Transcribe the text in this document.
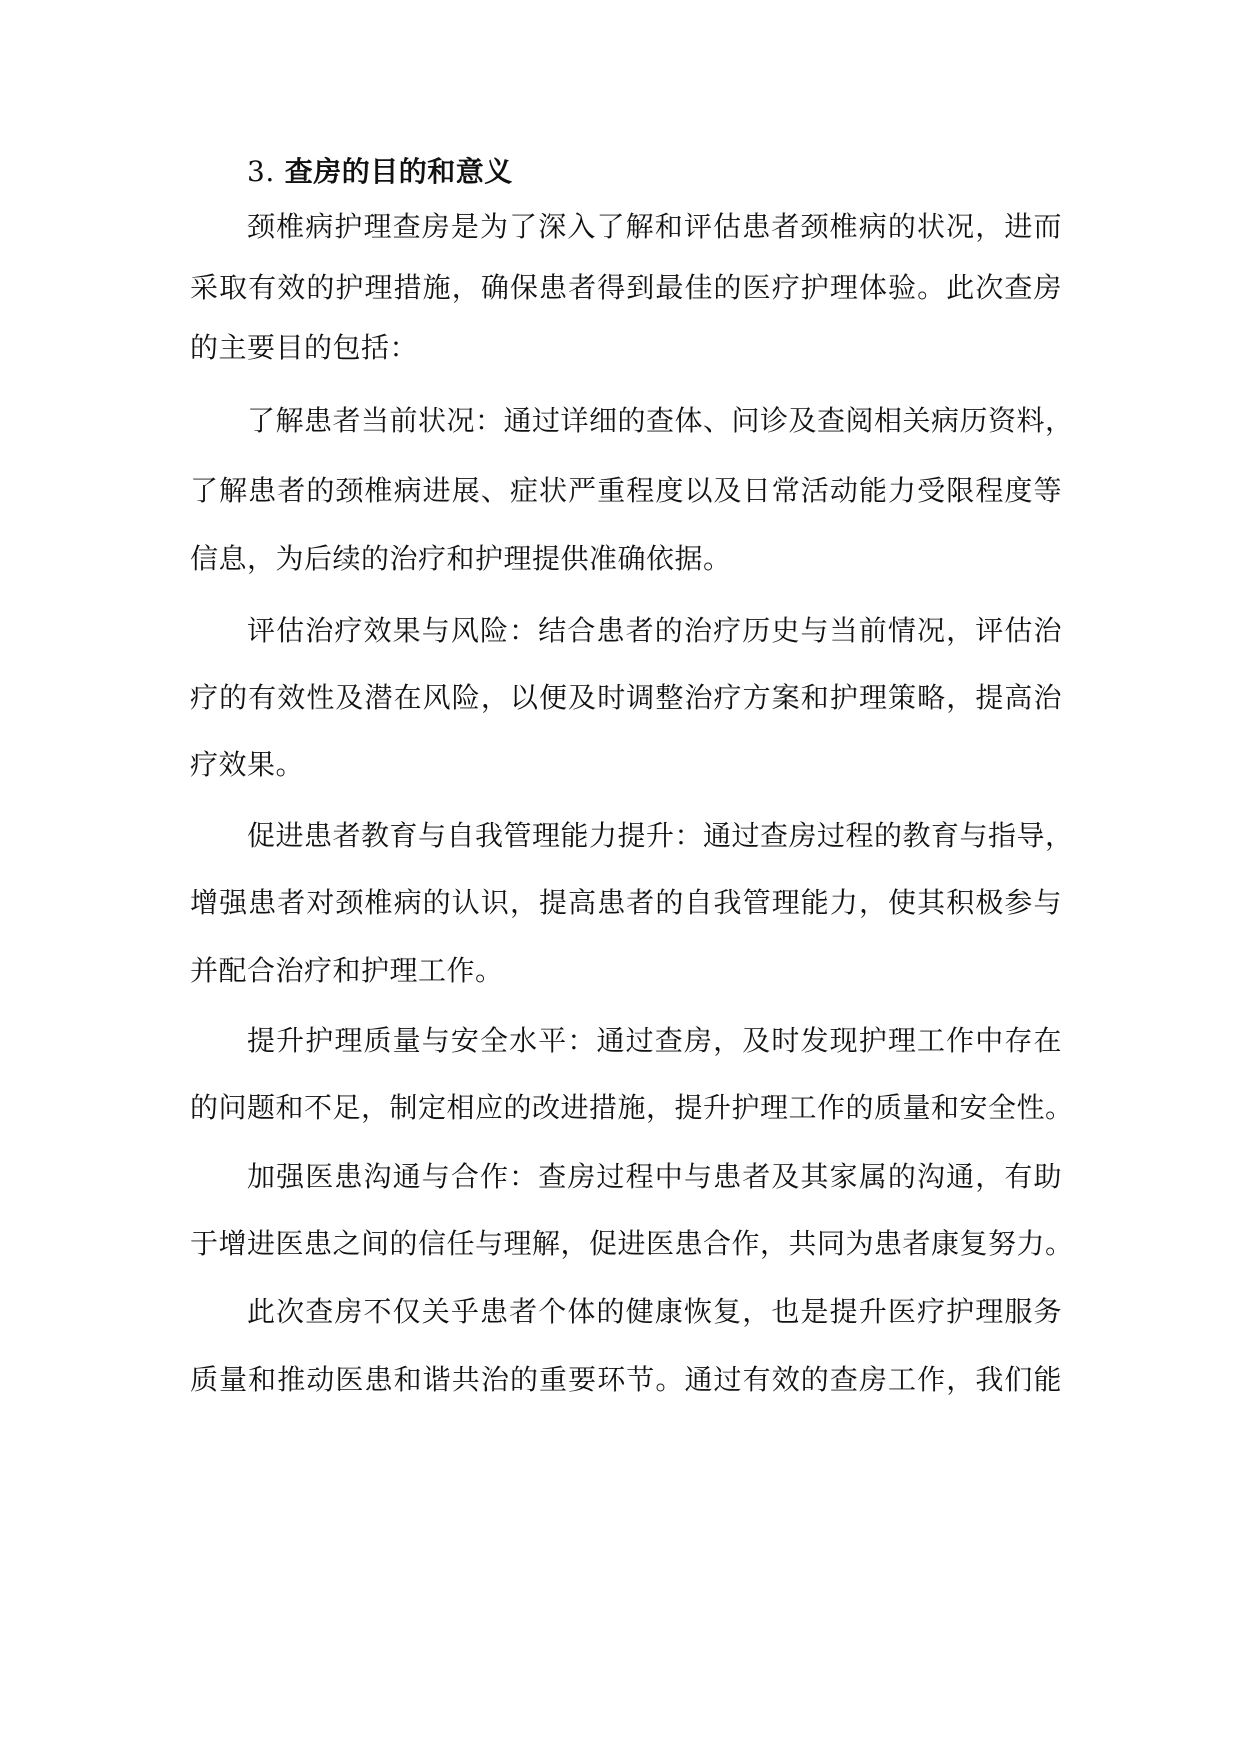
3. 查房的目的和意义
颈椎病护理查房是为了深入了解和评估患者颈椎病的状况，进而
采取有效的护理措施，确保患者得到最佳的医疗护理体验。此次查房
的主要目的包括：
了解患者当前状况：通过详细的查体、问诊及查阅相关病历资料，
了解患者的颈椎病进展、症状严重程度以及日常活动能力受限程度等
信息，为后续的治疗和护理提供准确依据。
评估治疗效果与风险：结合患者的治疗历史与当前情况，评估治
疗的有效性及潜在风险，以便及时调整治疗方案和护理策略，提高治
疗效果。
促进患者教育与自我管理能力提升：通过查房过程的教育与指导，
增强患者对颈椎病的认识，提高患者的自我管理能力，使其积极参与
并配合治疗和护理工作。
提升护理质量与安全水平：通过查房，及时发现护理工作中存在
的问题和不足，制定相应的改进措施，提升护理工作的质量和安全性。
加强医患沟通与合作：查房过程中与患者及其家属的沟通，有助
于增进医患之间的信任与理解，促进医患合作，共同为患者康复努力。
此次查房不仅关乎患者个体的健康恢复，也是提升医疗护理服务
质量和推动医患和谐共治的重要环节。通过有效的查房工作，我们能
